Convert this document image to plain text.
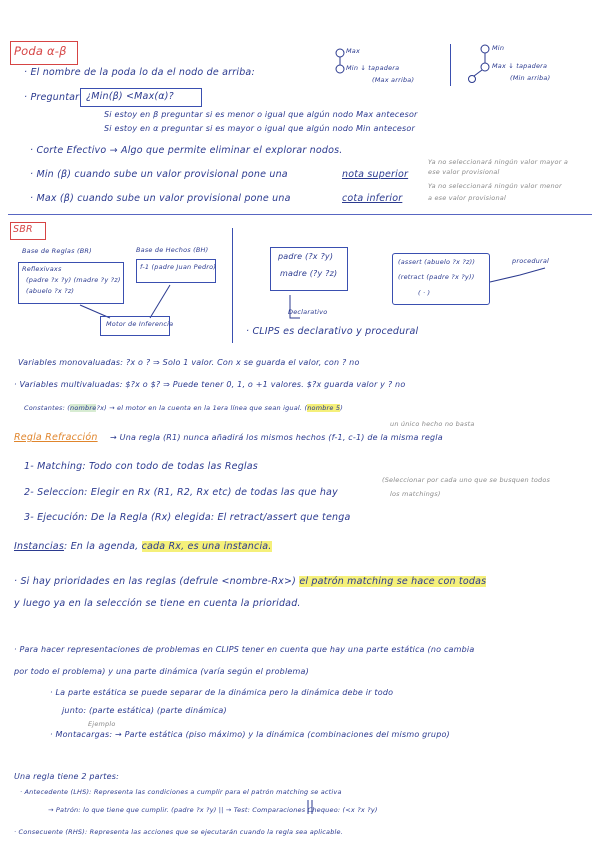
Poda α-β
· El nombre de la poda lo da el nodo de arriba:
Max
Min ↓ tapadera
(Max arriba)
Min
Max ↓ tapadera
(Min arriba)
· Preguntar ¿Min(β) <Max(α)?
Si estoy en β preguntar si es menor o igual que algún nodo Max antecesor
Si estoy en α preguntar si es mayor o igual que algún nodo Min antecesor
· Corte Efectivo → Algo que permite eliminar el explorar nodos.
· Min (β) cuando sube un valor provisional pone una	nota superior
Ya no seleccionará ningún valor mayor a
ese valor provisional
· Max (β) cuando sube un valor provisional pone una	cota inferior
Ya no seleccionará ningún valor menor
a ese valor provisional
SBR
Base de Reglas (BR)
Reflexivaxs
(padre ?x ?y) (madre ?y ?z)
(abuelo ?x ?z)
Base de Hechos (BH)
f-1 (padre Juan Pedro)
Motor de Inferencia
padre (?x ?y)
madre (?y ?z)
Declarativo
(assert (abuelo ?x ?z))
(retract (padre ?x ?y))
( · )
procedural
· CLIPS es declarativo y procedural
Variables monovaluadas: ?x o ? ⇒ Solo 1 valor. Con x se guarda el valor, con ? no
· Variables multivaluadas: $?x o $? ⇒ Puede tener 0, 1, o +1 valores. $?x guarda valor y ? no
Constantes: (nombre?x) → el motor en la cuenta en la 1era línea que sean igual. (nombre 5)
un único hecho no basta
Regla Refracción → Una regla (R1) nunca añadirá los mismos hechos (f-1, c-1) de la misma regla
1- Matching: Todo con todo de todas las Reglas
(Seleccionar por cada uno que se busquen todos
los matchings)
2- Seleccion: Elegir en Rx (R1, R2, Rx etc) de todas las que hay
3- Ejecución: De la Regla (Rx) elegida: El retract/assert que tenga
Instancias: En la agenda, cada Rx, es una instancia.
· Si hay prioridades en las reglas (defrule <nombre-Rx>) el patrón matching se hace con todas
y luego ya en la selección se tiene en cuenta la prioridad.
· Para hacer representaciones de problemas en CLIPS tener en cuenta que hay una parte estática (no cambia
por todo el problema) y una parte dinámica (varía según el problema)
· La parte estática se puede separar de la dinámica pero la dinámica debe ir todo
junto: (parte estática) (parte dinámica)
Ejemplo
· Montacargas: → Parte estática (piso máximo) y la dinámica (combinaciones del mismo grupo)
Una regla tiene 2 partes:
· Antecedente (LHS): Representa las condiciones a cumplir para el patrón matching se activa
→ Patrón: lo que tiene que cumplir. (padre ?x ?y) || → Test: Comparaciones Chequeo: (<x ?x ?y)
· Consecuente (RHS): Representa las acciones que se ejecutarán cuando la regla sea aplicable.
